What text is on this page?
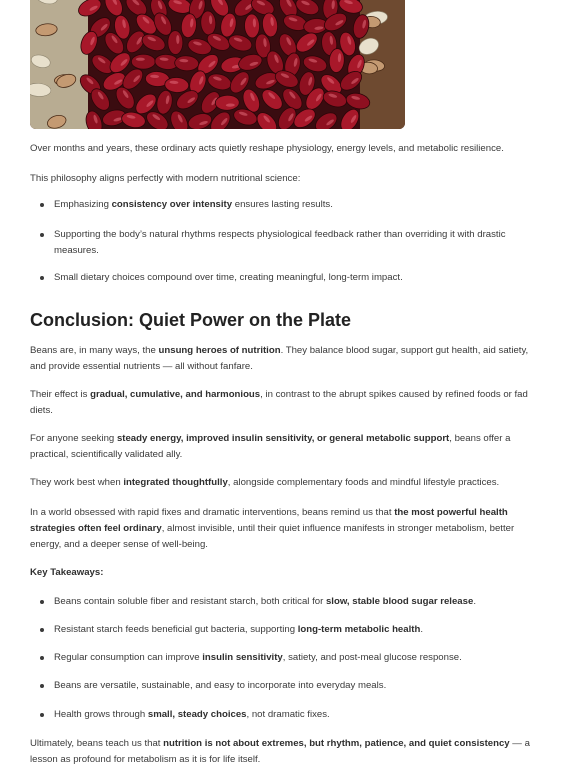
Over months and years, these ordinary acts quietly reshape physiology, energy levels, and metabolic resilience.

This philosophy aligns perfectly with modern nutritional science:

Emphasizing consistency over intensity ensures lasting results.
Supporting the body’s natural rhythms respects physiological feedback rather than overriding it with drastic measures.
Small dietary choices compound over time, creating meaningful, long-term impact.
Conclusion: Quiet Power on the Plate

Beans are, in many ways, the unsung heroes of nutrition. They balance blood sugar, support gut health, aid satiety, and provide essential nutrients — all without fanfare.

Their effect is gradual, cumulative, and harmonious, in contrast to the abrupt spikes caused by refined foods or fad diets.

For anyone seeking steady energy, improved insulin sensitivity, or general metabolic support, beans offer a practical, scientifically validated ally.

They work best when integrated thoughtfully, alongside complementary foods and mindful lifestyle practices.

In a world obsessed with rapid fixes and dramatic interventions, beans remind us that the most powerful health strategies often feel ordinary, almost invisible, until their quiet influence manifests in stronger metabolism, better energy, and a deeper sense of well-being.

Key Takeaways:

Beans contain soluble fiber and resistant starch, both critical for slow, stable blood sugar release.
Resistant starch feeds beneficial gut bacteria, supporting long-term metabolic health.
Regular consumption can improve insulin sensitivity, satiety, and post-meal glucose response.
Beans are versatile, sustainable, and easy to incorporate into everyday meals.
Health grows through small, steady choices, not dramatic fixes.

Ultimately, beans teach us that nutrition is not about extremes, but rhythm, patience, and quiet consistency — a lesson as profound for metabolism as it is for life itself.
